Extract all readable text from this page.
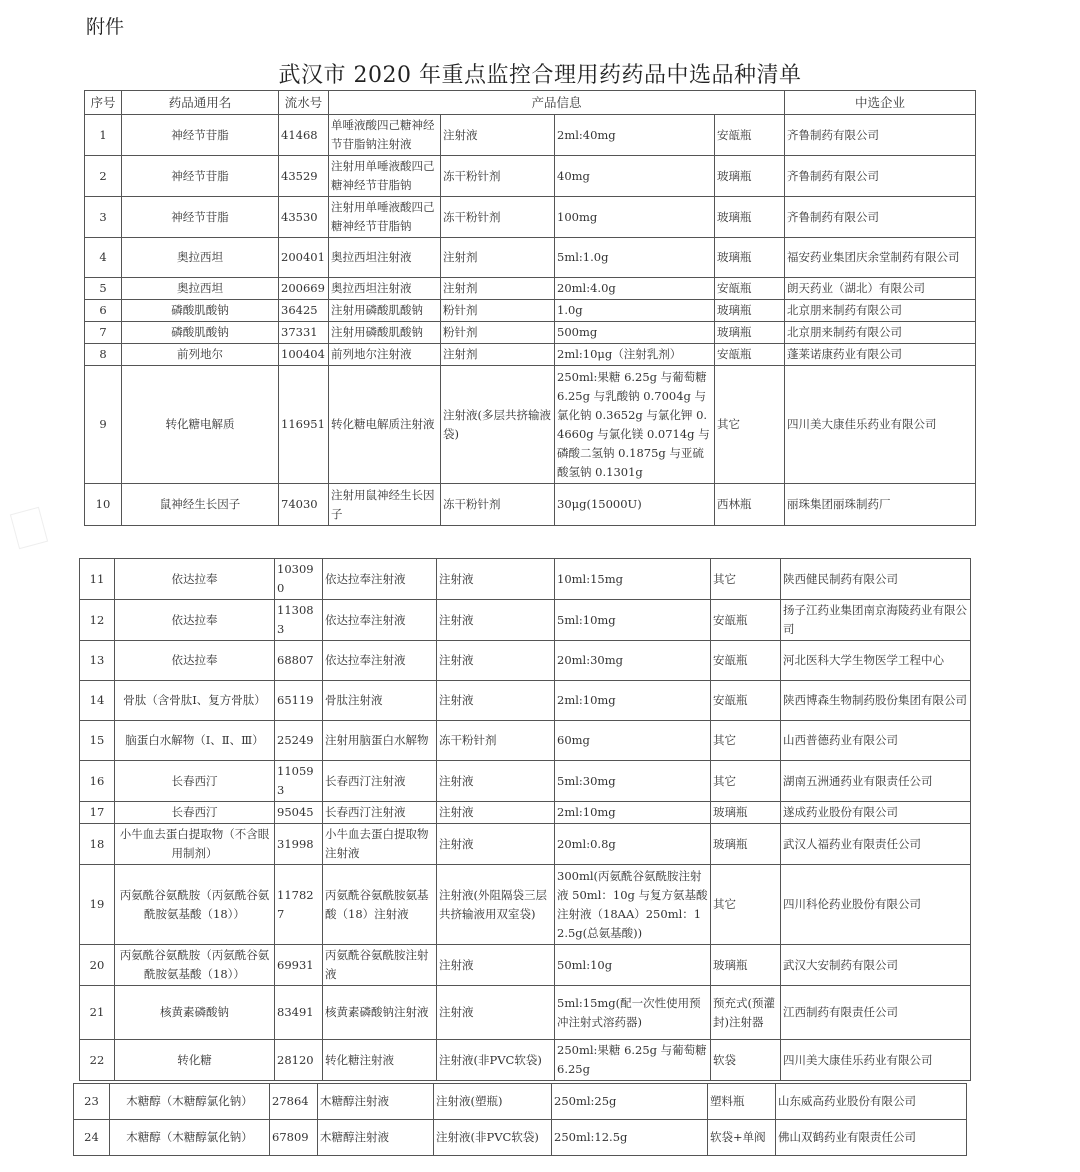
附件
武汉市 2020 年重点监控合理用药药品中选品种清单
序号	药品通用名	流水号	产品信息				中选企业
1	神经节苷脂	41468	单唾液酸四己糖神经节苷脂钠注射液	注射液	2ml:40mg	安瓿瓶	齐鲁制药有限公司
2	神经节苷脂	43529	注射用单唾液酸四己糖神经节苷脂钠	冻干粉针剂	40mg	玻璃瓶	齐鲁制药有限公司
3	神经节苷脂	43530	注射用单唾液酸四己糖神经节苷脂钠	冻干粉针剂	100mg	玻璃瓶	齐鲁制药有限公司
4	奥拉西坦	200401	奥拉西坦注射液	注射剂	5ml:1.0g	玻璃瓶	福安药业集团庆余堂制药有限公司
5	奥拉西坦	200669	奥拉西坦注射液	注射剂	20ml:4.0g	安瓿瓶	朗天药业（湖北）有限公司
6	磷酸肌酸钠	36425	注射用磷酸肌酸钠	粉针剂	1.0g	玻璃瓶	北京朋来制药有限公司
7	磷酸肌酸钠	37331	注射用磷酸肌酸钠	粉针剂	500mg	玻璃瓶	北京朋来制药有限公司
8	前列地尔	100404	前列地尔注射液	注射剂	2ml:10μg（注射乳剂）	安瓿瓶	蓬莱诺康药业有限公司
9	转化糖电解质	116951	转化糖电解质注射液	注射液(多层共挤输液袋)	250ml:果糖 6.25g 与葡萄糖 6.25g 与乳酸钠 0.7004g 与氯化钠 0.3652g 与氯化钾 0.4660g 与氯化镁 0.0714g 与磷酸二氢钠 0.1875g 与亚硫酸氢钠 0.1301g	其它	四川美大康佳乐药业有限公司
10	鼠神经生长因子	74030	注射用鼠神经生长因子	冻干粉针剂	30μg(15000U)	西林瓶	丽珠集团丽珠制药厂
11	依达拉奉	103090	依达拉奉注射液	注射液	10ml:15mg	其它	陕西健民制药有限公司
12	依达拉奉	113083	依达拉奉注射液	注射液	5ml:10mg	安瓿瓶	扬子江药业集团南京海陵药业有限公司
13	依达拉奉	68807	依达拉奉注射液	注射液	20ml:30mg	安瓿瓶	河北医科大学生物医学工程中心
14	骨肽（含骨肽Ⅰ、复方骨肽）	65119	骨肽注射液	注射液	2ml:10mg	安瓿瓶	陕西博森生物制药股份集团有限公司
15	脑蛋白水解物（Ⅰ、Ⅱ、Ⅲ）	25249	注射用脑蛋白水解物	冻干粉针剂	60mg	其它	山西普德药业有限公司
16	长春西汀	110593	长春西汀注射液	注射液	5ml:30mg	其它	湖南五洲通药业有限责任公司
17	长春西汀	95045	长春西汀注射液	注射液	2ml:10mg	玻璃瓶	遂成药业股份有限公司
18	小牛血去蛋白提取物（不含眼用制剂）	31998	小牛血去蛋白提取物注射液	注射液	20ml:0.8g	玻璃瓶	武汉人福药业有限责任公司
19	丙氨酰谷氨酰胺（丙氨酰谷氨酰胺氨基酸（18））	117827	丙氨酰谷氨酰胺氨基酸（18）注射液	注射液(外阻隔袋三层共挤输液用双室袋)	300ml(丙氨酰谷氨酰胺注射液 50ml：10g 与复方氨基酸注射液（18AA）250ml：12.5g(总氨基酸))	其它	四川科伦药业股份有限公司
20	丙氨酰谷氨酰胺（丙氨酰谷氨酰胺氨基酸（18））	69931	丙氨酰谷氨酰胺注射液	注射液	50ml:10g	玻璃瓶	武汉大安制药有限公司
21	核黄素磷酸钠	83491	核黄素磷酸钠注射液	注射液	5ml:15mg(配一次性使用预冲注射式溶药器)	预充式(预灌封)注射器	江西制药有限责任公司
22	转化糖	28120	转化糖注射液	注射液(非PVC软袋)	250ml:果糖 6.25g 与葡萄糖 6.25g	软袋	四川美大康佳乐药业有限公司
23	木糖醇（木糖醇氯化钠）	27864	木糖醇注射液	注射液(塑瓶)	250ml:25g	塑料瓶	山东威高药业股份有限公司
24	木糖醇（木糖醇氯化钠）	67809	木糖醇注射液	注射液(非PVC软袋)	250ml:12.5g	软袋+单阀	佛山双鹤药业有限责任公司
